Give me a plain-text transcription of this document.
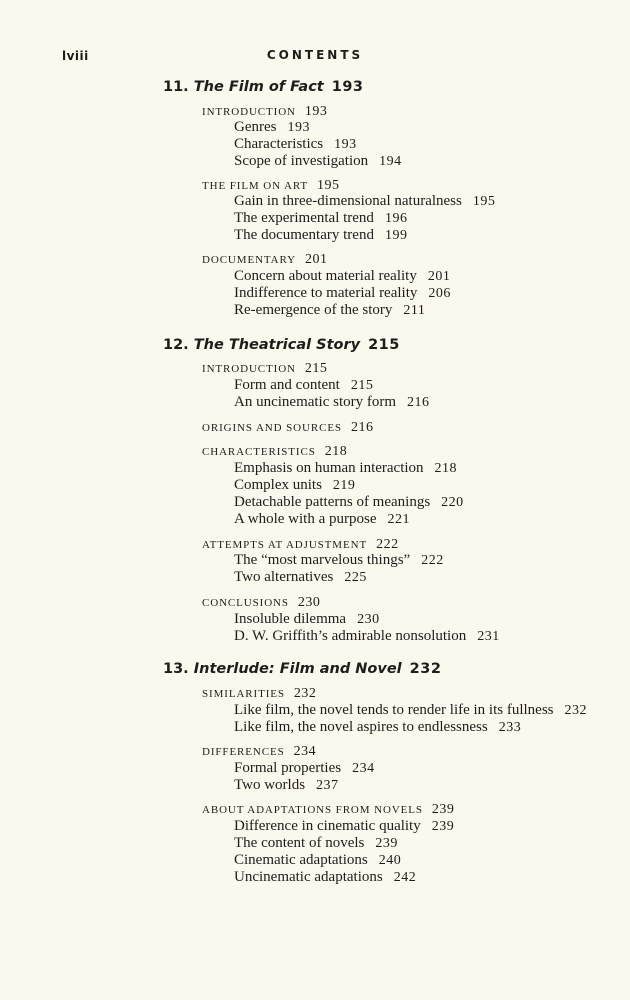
lviii	CONTENTS
11. The Film of Fact 193
INTRODUCTION 193
Genres 193
Characteristics 193
Scope of investigation 194
THE FILM ON ART 195
Gain in three-dimensional naturalness 195
The experimental trend 196
The documentary trend 199
DOCUMENTARY 201
Concern about material reality 201
Indifference to material reality 206
Re-emergence of the story 211
12. The Theatrical Story 215
INTRODUCTION 215
Form and content 215
An uncinematic story form 216
ORIGINS AND SOURCES 216
CHARACTERISTICS 218
Emphasis on human interaction 218
Complex units 219
Detachable patterns of meanings 220
A whole with a purpose 221
ATTEMPTS AT ADJUSTMENT 222
The “most marvelous things” 222
Two alternatives 225
CONCLUSIONS 230
Insoluble dilemma 230
D. W. Griffith’s admirable nonsolution 231
13. Interlude: Film and Novel 232
SIMILARITIES 232
Like film, the novel tends to render life in its fullness 232
Like film, the novel aspires to endlessness 233
DIFFERENCES 234
Formal properties 234
Two worlds 237
ABOUT ADAPTATIONS FROM NOVELS 239
Difference in cinematic quality 239
The content of novels 239
Cinematic adaptations 240
Uncinematic adaptations 242
